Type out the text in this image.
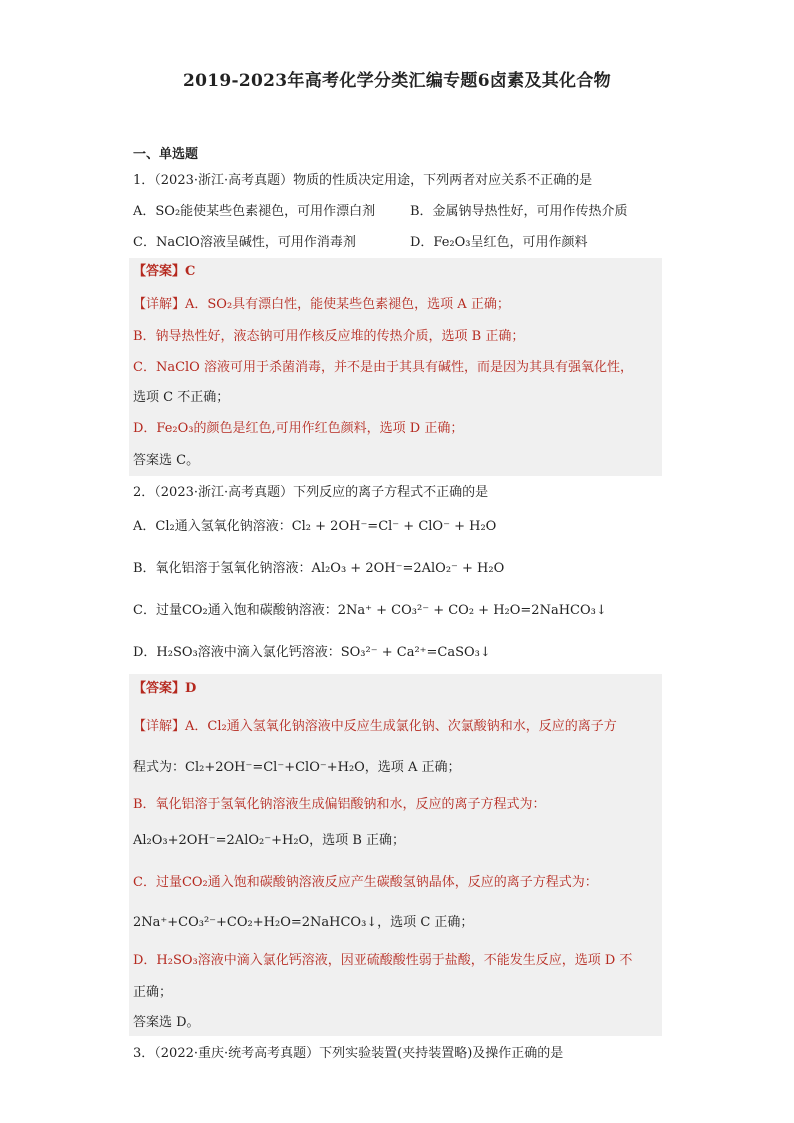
2019-2023年高考化学分类汇编专题6卤素及其化合物
一、单选题
1．（2023·浙江·高考真题）物质的性质决定用途，下列两者对应关系不正确的是
A．SO₂能使某些色素褪色，可用作漂白剂	B．金属钠导热性好，可用作传热介质
C．NaClO溶液呈碱性，可用作消毒剂	D．Fe₂O₃呈红色，可用作颜料
【答案】C
【详解】A．SO₂具有漂白性，能使某些色素褪色，选项 A 正确；
B．钠导热性好，液态钠可用作核反应堆的传热介质，选项 B 正确；
C．NaClO 溶液可用于杀菌消毒，并不是由于其具有碱性，而是因为其具有强氧化性，
选项 C 不正确；
D．Fe₂O₃的颜色是红色,可用作红色颜料，选项 D 正确；
答案选 C。
2．（2023·浙江·高考真题）下列反应的离子方程式不正确的是
A．Cl₂通入氢氧化钠溶液：Cl₂ + 2OH⁻=Cl⁻ + ClO⁻ + H₂O
B．氧化铝溶于氢氧化钠溶液：Al₂O₃ + 2OH⁻=2AlO₂⁻ + H₂O
C．过量CO₂通入饱和碳酸钠溶液：2Na⁺ + CO₃²⁻ + CO₂ + H₂O=2NaHCO₃↓
D．H₂SO₃溶液中滴入氯化钙溶液：SO₃²⁻ + Ca²⁺=CaSO₃↓
【答案】D
【详解】A．Cl₂通入氢氧化钠溶液中反应生成氯化钠、次氯酸钠和水，反应的离子方
程式为：Cl₂+2OH⁻=Cl⁻+ClO⁻+H₂O，选项 A 正确；
B．氧化铝溶于氢氧化钠溶液生成偏铝酸钠和水，反应的离子方程式为：
Al₂O₃+2OH⁻=2AlO₂⁻+H₂O，选项 B 正确；
C．过量CO₂通入饱和碳酸钠溶液反应产生碳酸氢钠晶体，反应的离子方程式为：
2Na⁺+CO₃²⁻+CO₂+H₂O=2NaHCO₃↓，选项 C 正确；
D．H₂SO₃溶液中滴入氯化钙溶液，因亚硫酸酸性弱于盐酸，不能发生反应，选项 D 不
正确；
答案选 D。
3．（2022·重庆·统考高考真题）下列实验装置(夹持装置略)及操作正确的是
